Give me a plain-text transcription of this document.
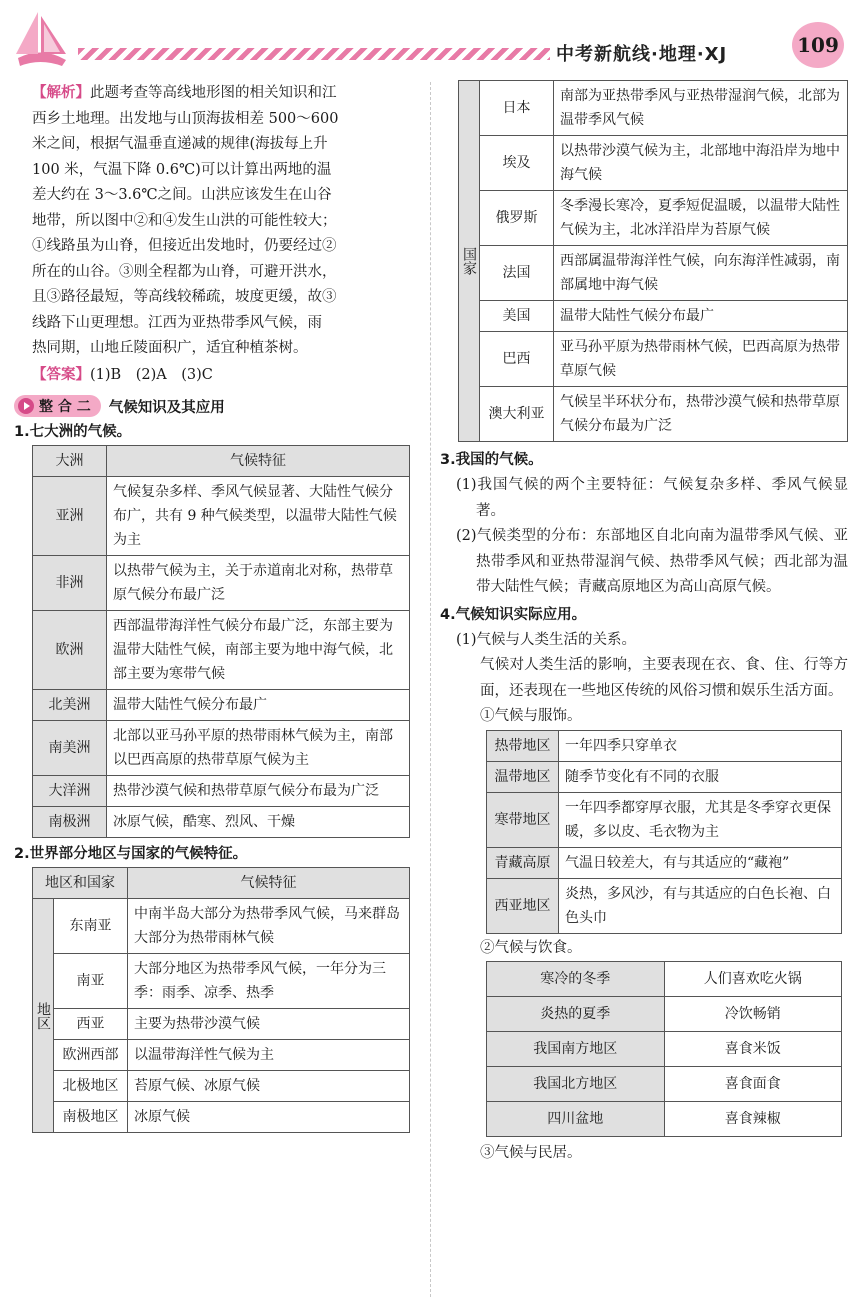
中考新航线·地理·XJ	109
【解析】此题考查等高线地形图的相关知识和江
西乡土地理。出发地与山顶海拔相差 500～600
米之间，根据气温垂直递减的规律(海拔每上升
100 米，气温下降 0.6℃)可以计算出两地的温
差大约在 3～3.6℃之间。山洪应该发生在山谷
地带，所以图中②和④发生山洪的可能性较大；
①线路虽为山脊，但接近出发地时，仍要经过②
所在的山谷。③则全程都为山脊，可避开洪水，
且③路径最短，等高线较稀疏，坡度更缓，故③
线路下山更理想。江西为亚热带季风气候，雨
热同期，山地丘陵面积广，适宜种植茶树。
【答案】(1)B　(2)A　(3)C
整 合 二 气候知识及其应用
1.七大洲的气候。
大洲	气候特征
亚洲	气候复杂多样、季风气候显著、大陆性气候分布广，共有 9 种气候类型，以温带大陆性气候为主
非洲	以热带气候为主，关于赤道南北对称，热带草原气候分布最广泛
欧洲	西部温带海洋性气候分布最广泛，东部主要为温带大陆性气候，南部主要为地中海气候，北部主要为寒带气候
北美洲	温带大陆性气候分布最广
南美洲	北部以亚马孙平原的热带雨林气候为主，南部以巴西高原的热带草原气候为主
大洋洲	热带沙漠气候和热带草原气候分布最为广泛
南极洲	冰原气候，酷寒、烈风、干燥
2.世界部分地区与国家的气候特征。
地区和国家		气候特征
地区	东南亚	中南半岛大部分为热带季风气候，马来群岛大部分为热带雨林气候
	南亚	大部分地区为热带季风气候，一年分为三季：雨季、凉季、热季
	西亚	主要为热带沙漠气候
	欧洲西部	以温带海洋性气候为主
	北极地区	苔原气候、冰原气候
	南极地区	冰原气候
国家	日本	南部为亚热带季风与亚热带湿润气候，北部为温带季风气候
	埃及	以热带沙漠气候为主，北部地中海沿岸为地中海气候
	俄罗斯	冬季漫长寒冷，夏季短促温暖，以温带大陆性气候为主，北冰洋沿岸为苔原气候
	法国	西部属温带海洋性气候，向东海洋性减弱，南部属地中海气候
	美国	温带大陆性气候分布最广
	巴西	亚马孙平原为热带雨林气候，巴西高原为热带草原气候
	澳大利亚	气候呈半环状分布，热带沙漠气候和热带草原气候分布最为广泛
3.我国的气候。
(1)我国气候的两个主要特征：气候复杂多样、季风气候显著。
(2)气候类型的分布：东部地区自北向南为温带季风气候、亚热带季风和亚热带湿润气候、热带季风气候；西北部为温带大陆性气候；青藏高原地区为高山高原气候。
4.气候知识实际应用。
(1)气候与人类生活的关系。
气候对人类生活的影响，主要表现在衣、食、住、行等方面，还表现在一些地区传统的风俗习惯和娱乐生活方面。
①气候与服饰。
热带地区	一年四季只穿单衣
温带地区	随季节变化有不同的衣服
寒带地区	一年四季都穿厚衣服，尤其是冬季穿衣更保暖，多以皮、毛衣物为主
青藏高原	气温日较差大，有与其适应的“藏袍”
西亚地区	炎热，多风沙，有与其适应的白色长袍、白色头巾
②气候与饮食。
寒冷的冬季	人们喜欢吃火锅
炎热的夏季	冷饮畅销
我国南方地区	喜食米饭
我国北方地区	喜食面食
四川盆地	喜食辣椒
③气候与民居。
